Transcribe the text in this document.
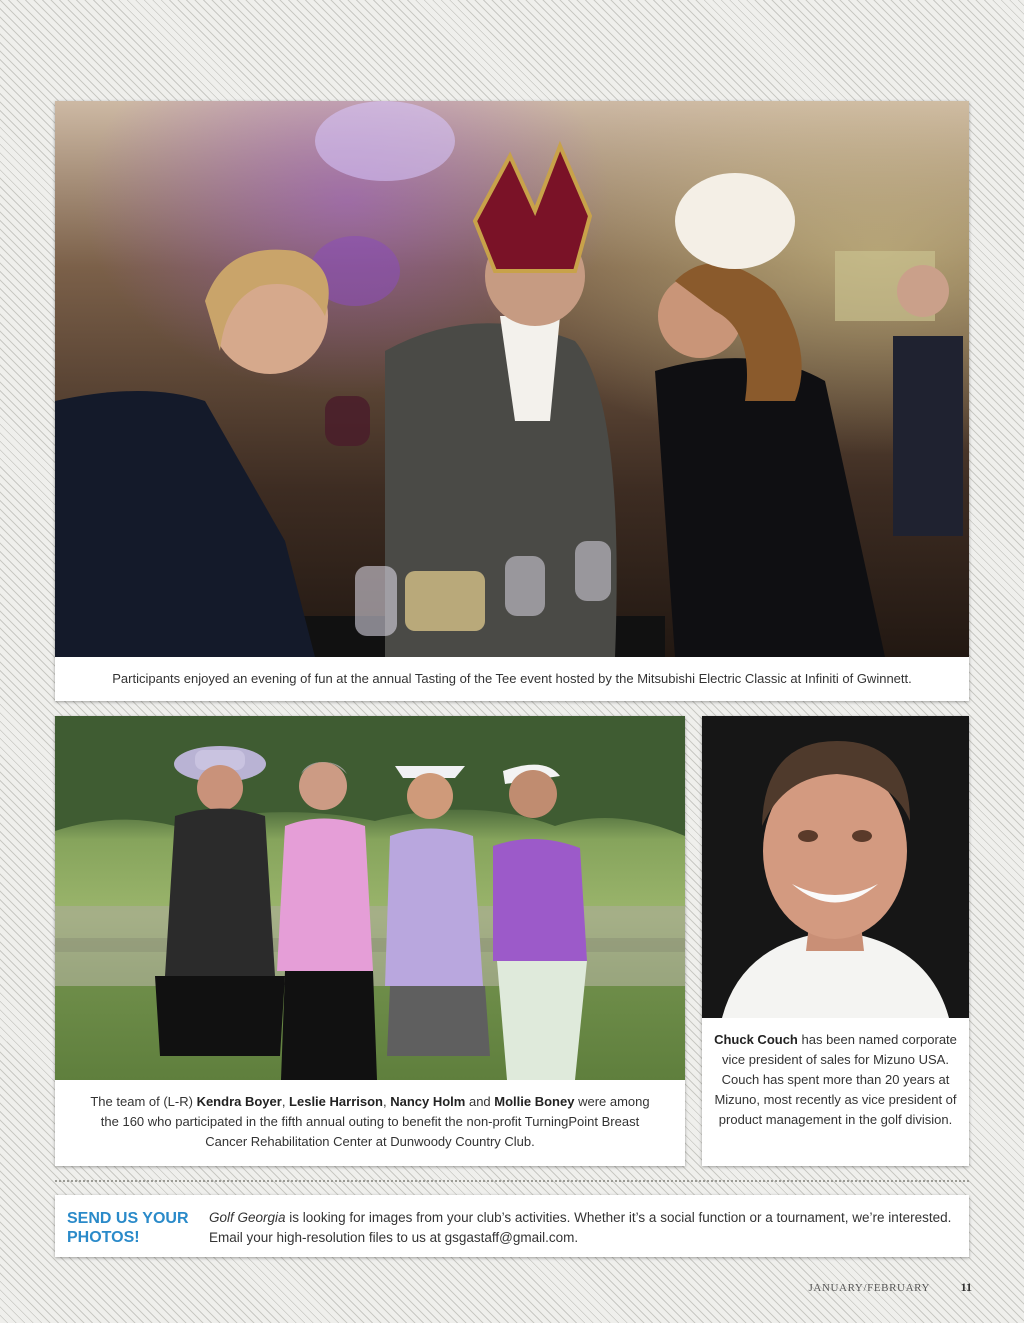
Participants enjoyed an evening of fun at the annual Tasting of the Tee event hosted by the Mitsubishi Electric Classic at Infiniti of Gwinnett.
The team of (L-R) Kendra Boyer, Leslie Harrison, Nancy Holm and Mollie Boney were among the 160 who participated in the fifth annual outing to benefit the non-profit TurningPoint Breast Cancer Rehabilitation Center at Dunwoody Country Club.
Chuck Couch has been named corporate vice president of sales for Mizuno USA. Couch has spent more than 20 years at Mizuno, most recently as vice president of product management in the golf division.
SEND US YOUR
PHOTOS!
Golf Georgia is looking for images from your club’s activities. Whether it’s a social function or a tournament, we’re interested. Email your high-resolution files to us at gsgastaff@gmail.com.
JANUARY/FEBRUARY	11
